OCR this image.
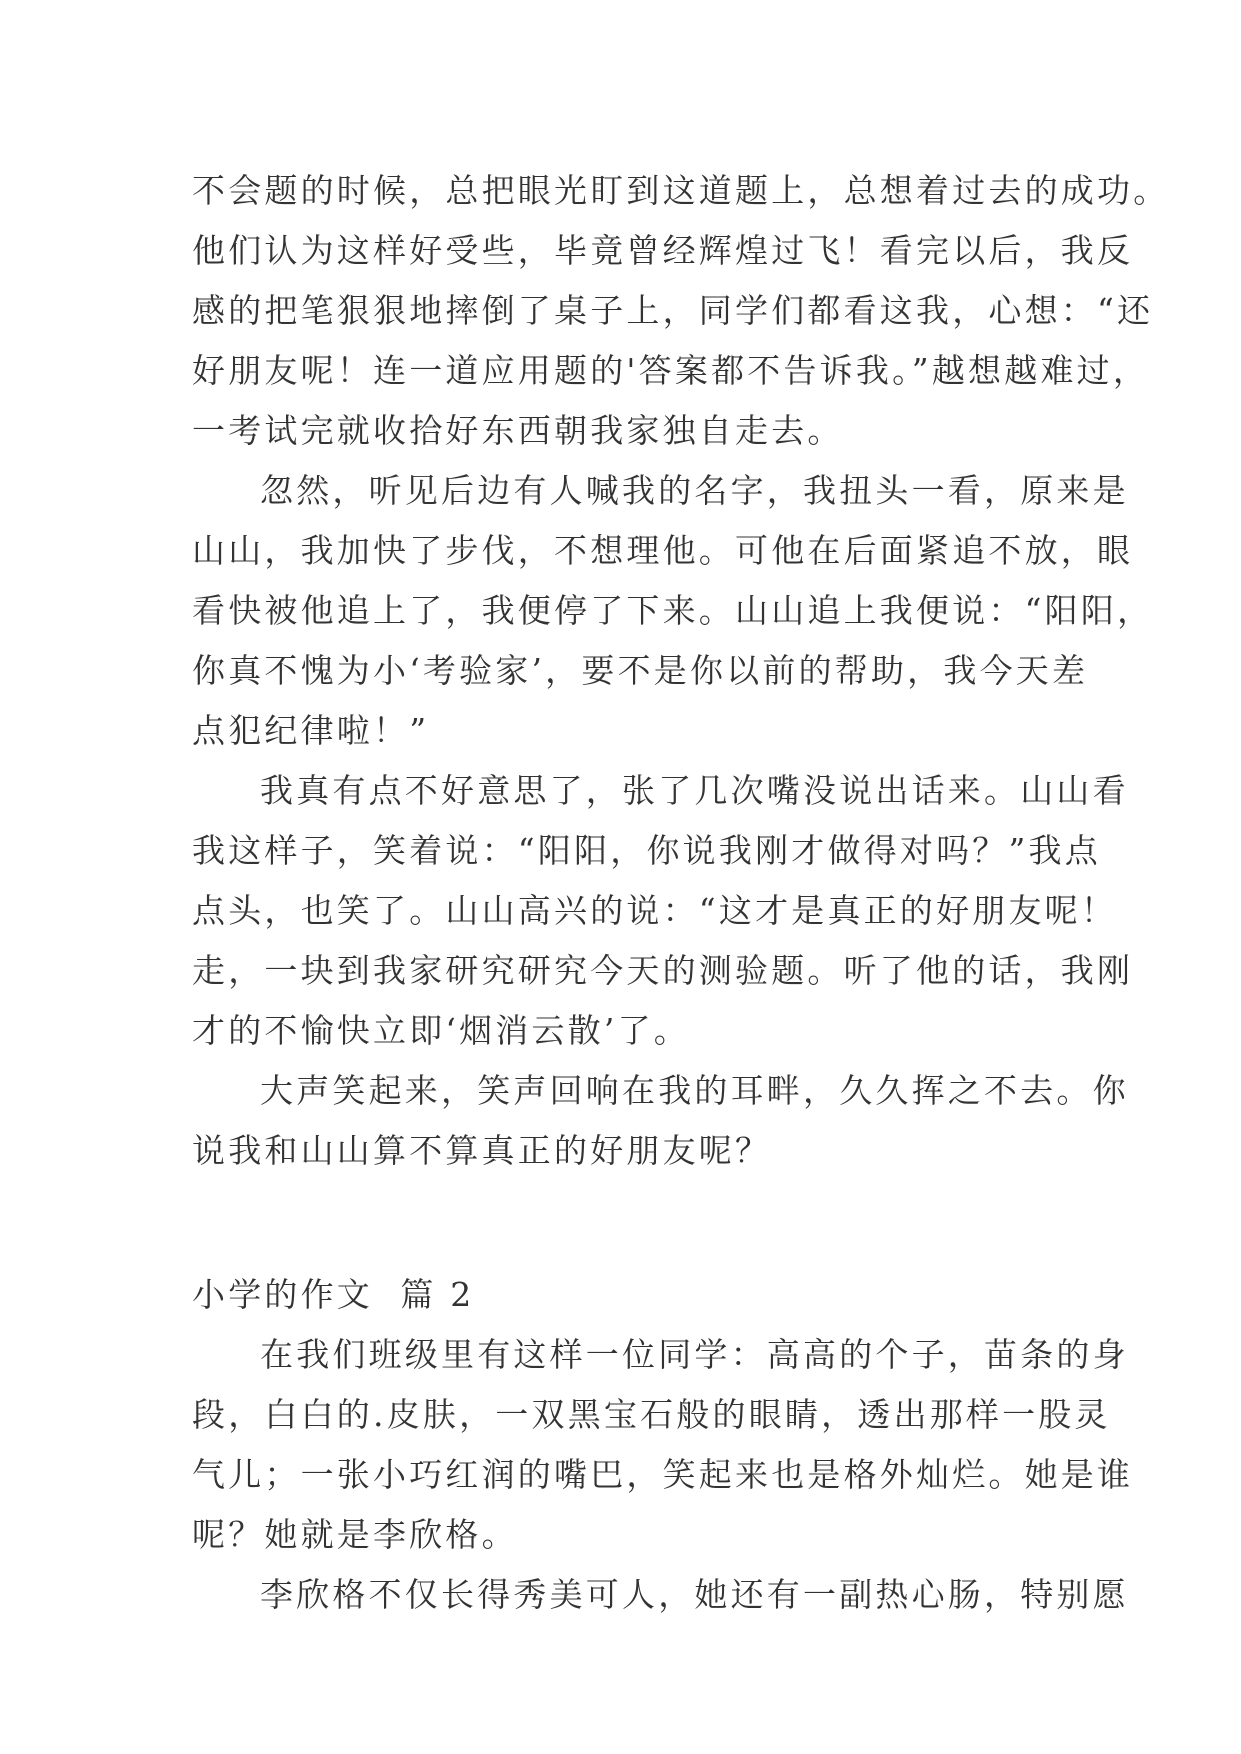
不会题的时候，总把眼光盯到这道题上，总想着过去的成功。
他们认为这样好受些，毕竟曾经辉煌过飞！看完以后，我反
感的把笔狠狠地摔倒了桌子上，同学们都看这我，心想：“还
好朋友呢！连一道应用题的'答案都不告诉我。”越想越难过，
一考试完就收拾好东西朝我家独自走去。
忽然，听见后边有人喊我的名字，我扭头一看，原来是
山山，我加快了步伐，不想理他。可他在后面紧追不放，眼
看快被他追上了，我便停了下来。山山追上我便说：“阳阳，
你真不愧为小‘考验家’，要不是你以前的帮助，我今天差
点犯纪律啦！”
我真有点不好意思了，张了几次嘴没说出话来。山山看
我这样子，笑着说：“阳阳，你说我刚才做得对吗？”我点
点头，也笑了。山山高兴的说：“这才是真正的好朋友呢！
走，一块到我家研究研究今天的测验题。听了他的话，我刚
才的不愉快立即‘烟消云散’了。
大声笑起来，笑声回响在我的耳畔，久久挥之不去。你
说我和山山算不算真正的好朋友呢？
小学的作文  篇 2
在我们班级里有这样一位同学：高高的个子，苗条的身
段，白白的.皮肤，一双黑宝石般的眼睛，透出那样一股灵
气儿；一张小巧红润的嘴巴，笑起来也是格外灿烂。她是谁
呢？她就是李欣格。
李欣格不仅长得秀美可人，她还有一副热心肠，特别愿
